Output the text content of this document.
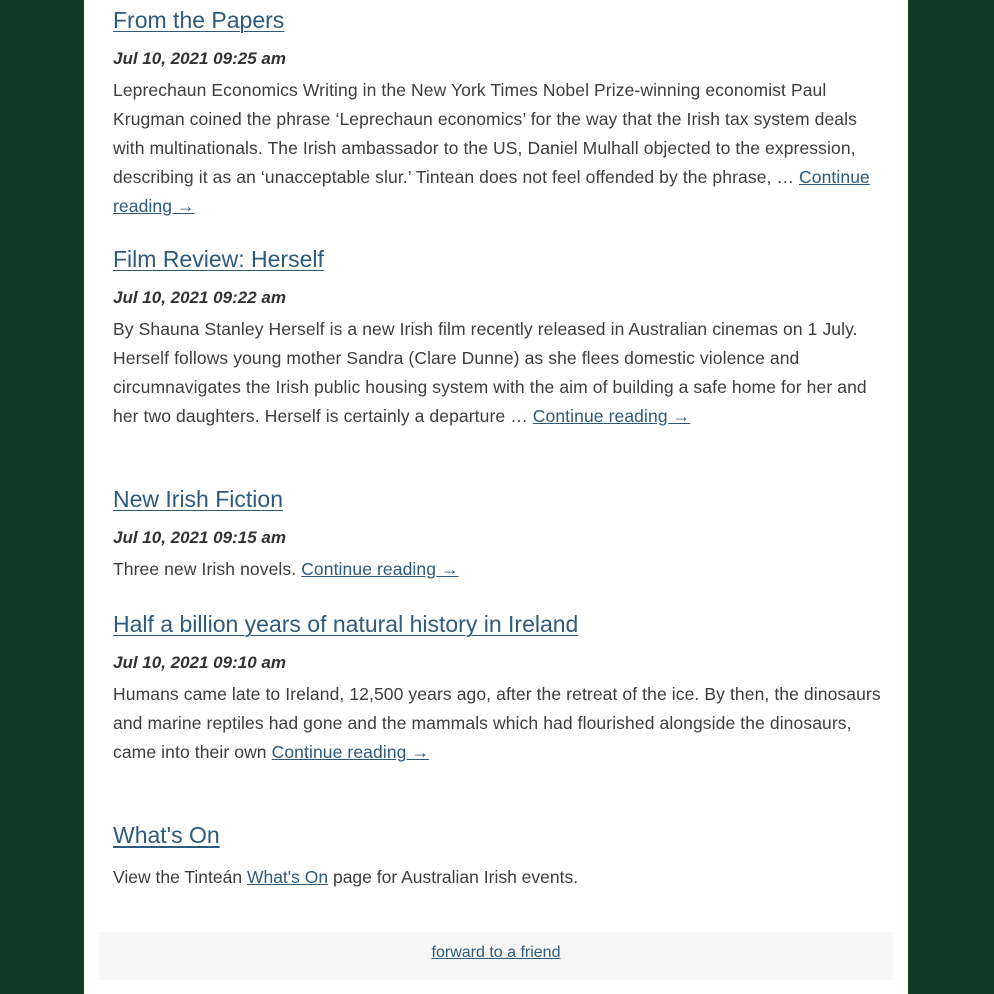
From the Papers
Jul 10, 2021 09:25 am
Leprechaun Economics Writing in the New York Times Nobel Prize-winning economist Paul Krugman coined the phrase ‘Leprechaun economics’ for the way that the Irish tax system deals with multinationals. The Irish ambassador to the US, Daniel Mulhall objected to the expression, describing it as an ‘unacceptable slur.’ Tintean does not feel offended by the phrase, … Continue reading →
Film Review: Herself
Jul 10, 2021 09:22 am
By Shauna Stanley Herself is a new Irish film recently released in Australian cinemas on 1 July. Herself follows young mother Sandra (Clare Dunne) as she flees domestic violence and circumnavigates the Irish public housing system with the aim of building a safe home for her and her two daughters. Herself is certainly a departure … Continue reading →
New Irish Fiction
Jul 10, 2021 09:15 am
Three new Irish novels. Continue reading →
Half a billion years of natural history in Ireland
Jul 10, 2021 09:10 am
Humans came late to Ireland, 12,500 years ago, after the retreat of the ice. By then, the dinosaurs and marine reptiles had gone and the mammals which had flourished alongside the dinosaurs, came into their own Continue reading →
What's On
View the Tinteán What's On page for Australian Irish events.
forward to a friend
